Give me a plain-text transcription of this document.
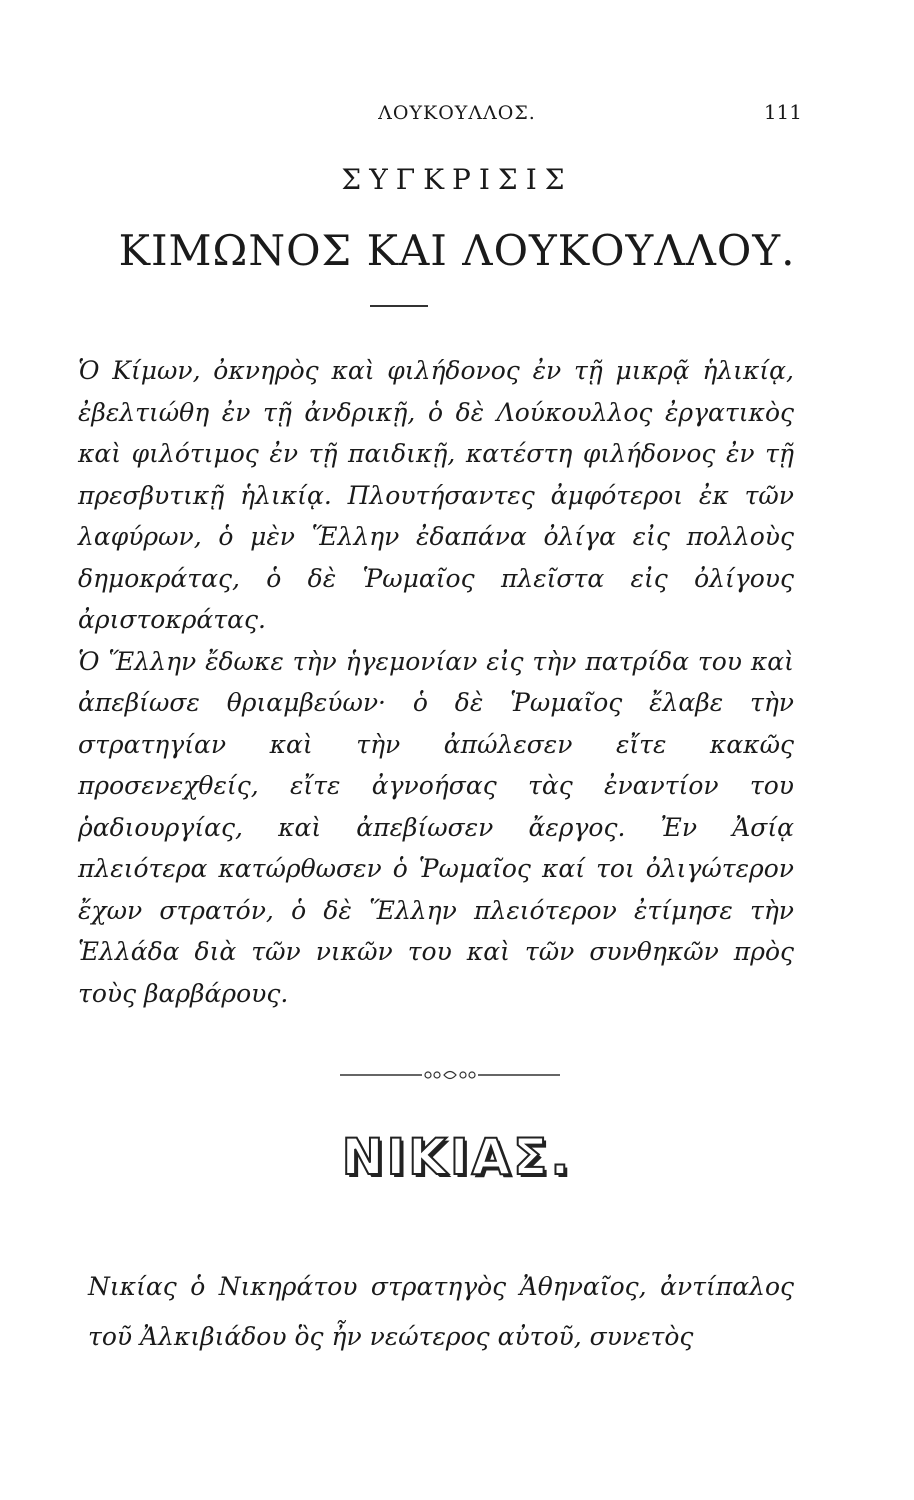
ΛΟΥΚΟΥΛΛΟΣ.	111
ΣΥΓΚΡΙΣΙΣ
ΚΙΜΩΝΟΣ ΚΑΙ ΛΟΥΚΟΥΛΛΟΥ.

Ὁ Κίμων, ὀκνηρὸς καὶ φιλήδονος ἐν τῇ μικρᾷ ἡλικίᾳ, ἐβελτιώθη ἐν τῇ ἀνδρικῇ, ὁ δὲ Λούκουλλος ἐργατικὸς καὶ φιλότιμος ἐν τῇ παιδικῇ, κατέστη φιλήδονος ἐν τῇ πρεσβυτικῇ ἡλικίᾳ. Πλουτήσαντες ἀμφότεροι ἐκ τῶν λαφύρων, ὁ μὲν Ἕλλην ἐδαπάνα ὀλίγα εἰς πολλοὺς δημοκράτας, ὁ δὲ Ῥωμαῖος πλεῖστα εἰς ὀλίγους ἀριστοκράτας.

Ὁ Ἕλλην ἔδωκε τὴν ἡγεμονίαν εἰς τὴν πατρίδα του καὶ ἀπεβίωσε θριαμβεύων· ὁ δὲ Ῥωμαῖος ἔλαβε τὴν στρατηγίαν καὶ τὴν ἀπώλεσεν εἴτε κακῶς προσενεχθείς, εἴτε ἀγνοήσας τὰς ἐναντίον του ῥαδιουργίας, καὶ ἀπεβίωσεν ἄεργος. Ἐν Ἀσίᾳ πλειότερα κατώρθωσεν ὁ Ῥωμαῖος καί τοι ὀλιγώτερον ἔχων στρατόν, ὁ δὲ Ἕλλην πλειότερον ἐτίμησε τὴν Ἑλλάδα διὰ τῶν νικῶν του καὶ τῶν συνθηκῶν πρὸς τοὺς βαρβάρους.

ΝΙΚΙΑΣ.

Νικίας ὁ Νικηράτου στρατηγὸς Ἀθηναῖος, ἀντίπαλος τοῦ Ἀλκιβιάδου ὃς ἦν νεώτερος αὐτοῦ, συνετὸς
